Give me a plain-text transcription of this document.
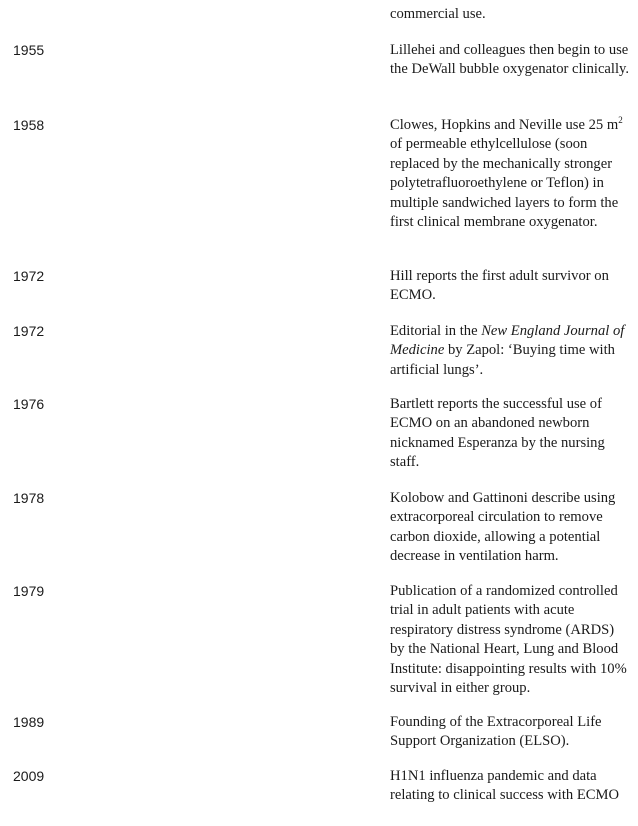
commercial use.
1955	Lillehei and colleagues then begin to use the DeWall bubble oxygenator clinically.
1958	Clowes, Hopkins and Neville use 25 $m^2$ of permeable ethylcellulose (soon replaced by the mechanically stronger polytetrafluoroethylene or Teflon) in multiple sandwiched layers to form the first clinical membrane oxygenator.
1972	Hill reports the first adult survivor on ECMO.
1972	Editorial in the New England Journal of Medicine by Zapol: ‘Buying time with artificial lungs’.
1976	Bartlett reports the successful use of ECMO on an abandoned newborn nicknamed Esperanza by the nursing staff.
1978	Kolobow and Gattinoni describe using extracorporeal circulation to remove carbon dioxide, allowing a potential decrease in ventilation harm.
1979	Publication of a randomized controlled trial in adult patients with acute respiratory distress syndrome (ARDS) by the National Heart, Lung and Blood Institute: disappointing results with 10% survival in either group.
1989	Founding of the Extracorporeal Life Support Organization (ELSO).
2009	H1N1 influenza pandemic and data relating to clinical success with ECMO
